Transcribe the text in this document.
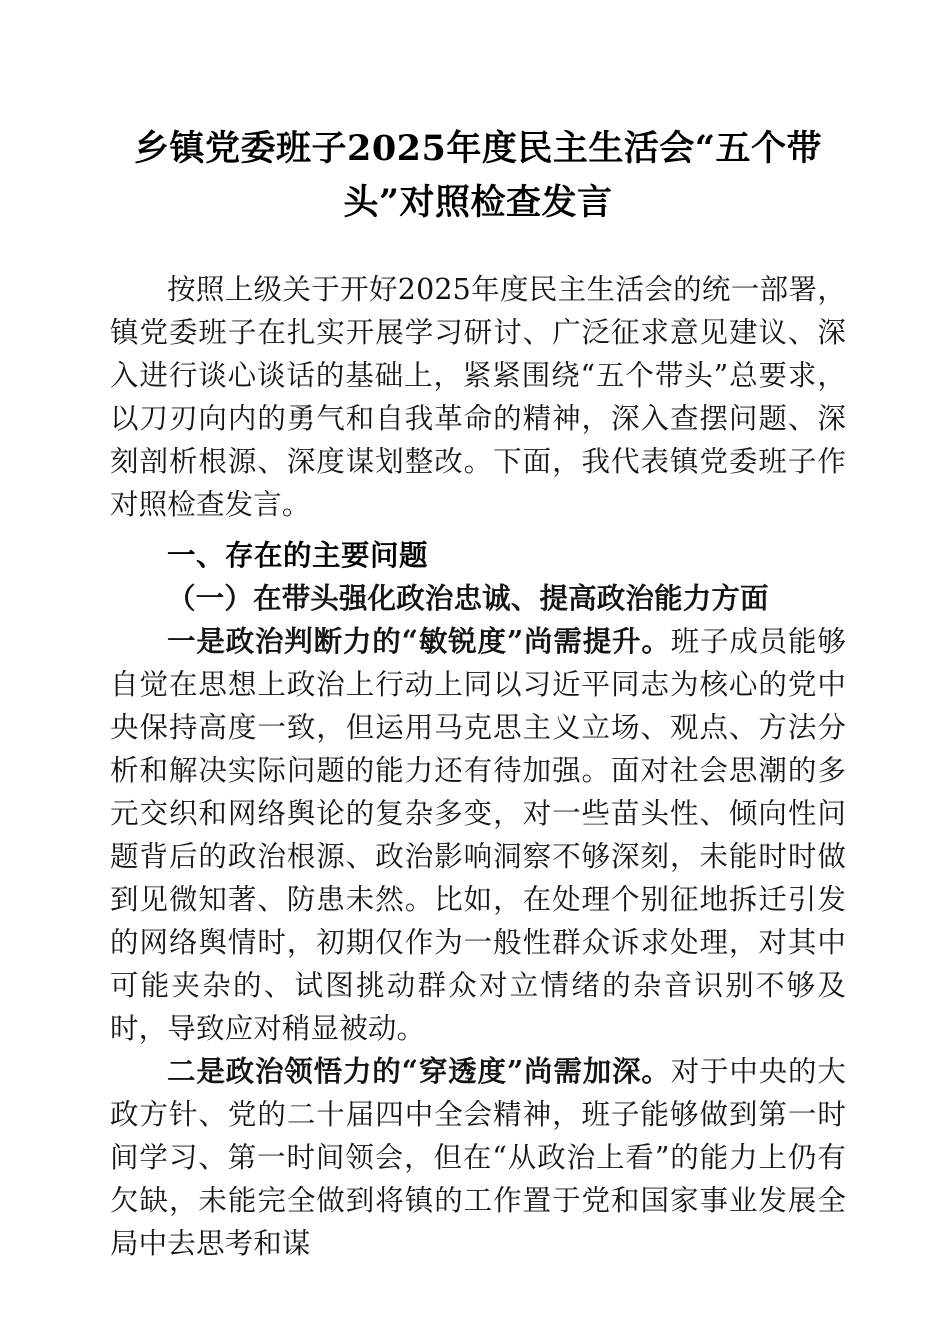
乡镇党委班子2025年度民主生活会“五个带头”对照检查发言

按照上级关于开好2025年度民主生活会的统一部署，镇党委班子在扎实开展学习研讨、广泛征求意见建议、深入进行谈心谈话的基础上，紧紧围绕“五个带头”总要求，以刀刃向内的勇气和自我革命的精神，深入查摆问题、深刻剖析根源、深度谋划整改。下面，我代表镇党委班子作对照检查发言。

一、存在的主要问题
（一）在带头强化政治忠诚、提高政治能力方面

一是政治判断力的“敏锐度”尚需提升。班子成员能够自觉在思想上政治上行动上同以习近平同志为核心的党中央保持高度一致，但运用马克思主义立场、观点、方法分析和解决实际问题的能力还有待加强。面对社会思潮的多元交织和网络舆论的复杂多变，对一些苗头性、倾向性问题背后的政治根源、政治影响洞察不够深刻，未能时时做到见微知著、防患未然。比如，在处理个别征地拆迁引发的网络舆情时，初期仅作为一般性群众诉求处理，对其中可能夹杂的、试图挑动群众对立情绪的杂音识别不够及时，导致应对稍显被动。

二是政治领悟力的“穿透度”尚需加深。对于中央的大政方针、党的二十届四中全会精神，班子能够做到第一时间学习、第一时间领会，但在“从政治上看”的能力上仍有欠缺，未能完全做到将镇的工作置于党和国家事业发展全局中去思考和谋
